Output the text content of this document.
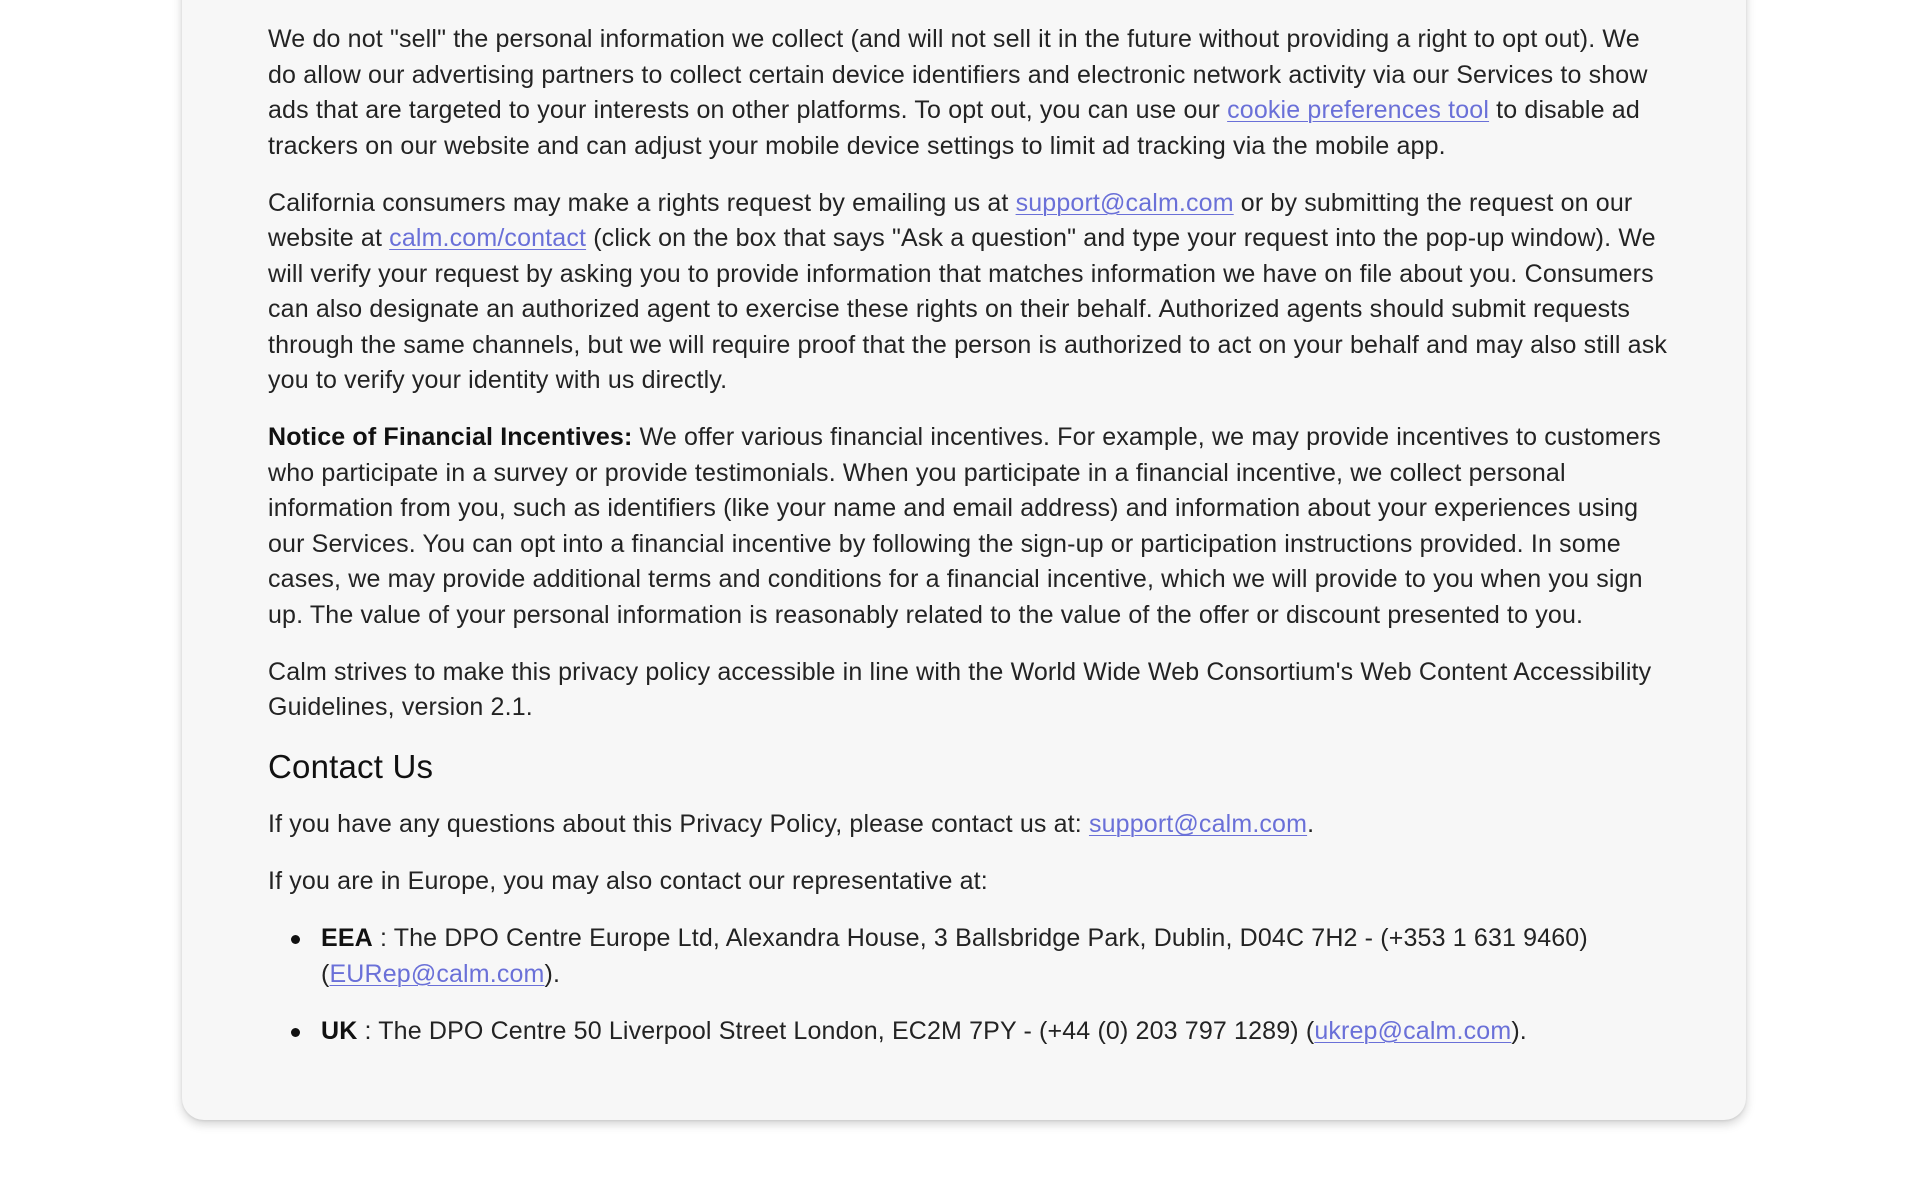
We do not "sell" the personal information we collect (and will not sell it in the future without providing a right to opt out). We do allow our advertising partners to collect certain device identifiers and electronic network activity via our Services to show ads that are targeted to your interests on other platforms. To opt out, you can use our cookie preferences tool to disable ad trackers on our website and can adjust your mobile device settings to limit ad tracking via the mobile app.

California consumers may make a rights request by emailing us at support@calm.com or by submitting the request on our website at calm.com/contact (click on the box that says "Ask a question" and type your request into the pop-up window). We will verify your request by asking you to provide information that matches information we have on file about you. Consumers can also designate an authorized agent to exercise these rights on their behalf. Authorized agents should submit requests through the same channels, but we will require proof that the person is authorized to act on your behalf and may also still ask you to verify your identity with us directly.

Notice of Financial Incentives: We offer various financial incentives. For example, we may provide incentives to customers who participate in a survey or provide testimonials. When you participate in a financial incentive, we collect personal information from you, such as identifiers (like your name and email address) and information about your experiences using our Services. You can opt into a financial incentive by following the sign-up or participation instructions provided. In some cases, we may provide additional terms and conditions for a financial incentive, which we will provide to you when you sign up. The value of your personal information is reasonably related to the value of the offer or discount presented to you.

Calm strives to make this privacy policy accessible in line with the World Wide Web Consortium's Web Content Accessibility Guidelines, version 2.1.

Contact Us

If you have any questions about this Privacy Policy, please contact us at: support@calm.com.

If you are in Europe, you may also contact our representative at:

EEA : The DPO Centre Europe Ltd, Alexandra House, 3 Ballsbridge Park, Dublin, D04C 7H2 - (+353 1 631 9460) (EURep@calm.com).
UK : The DPO Centre 50 Liverpool Street London, EC2M 7PY - (+44 (0) 203 797 1289) (ukrep@calm.com).
